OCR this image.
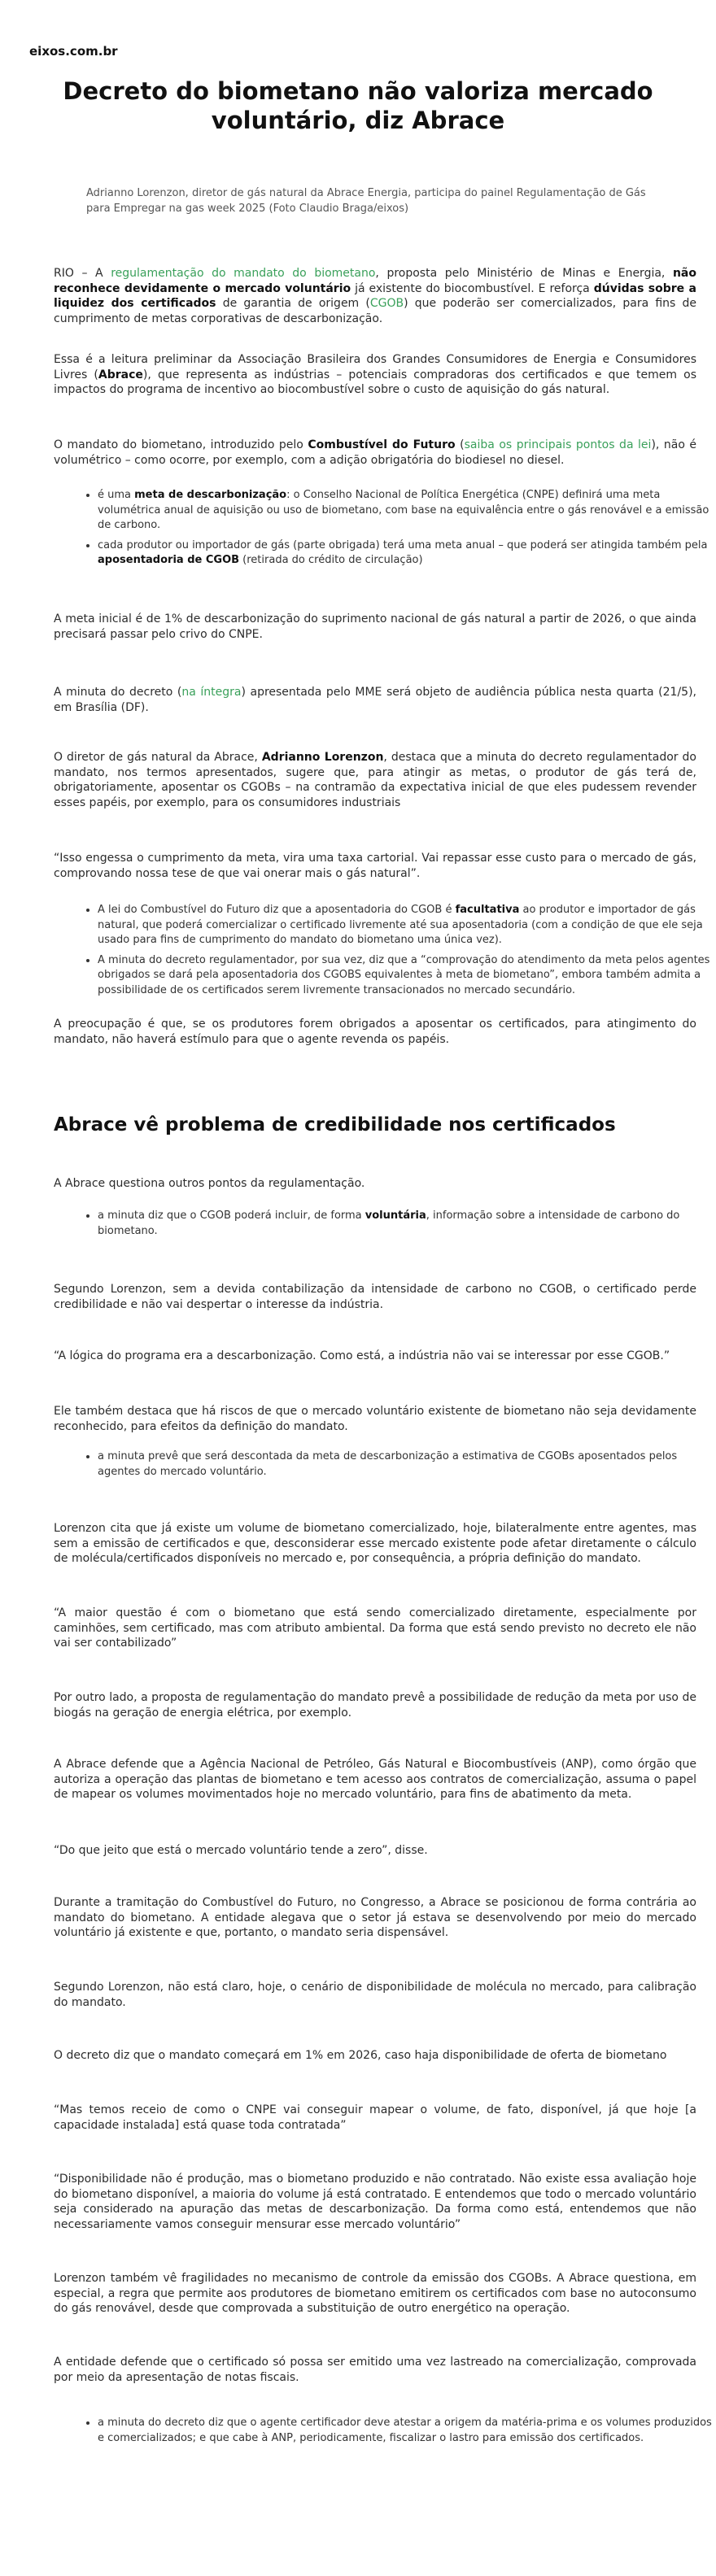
eixos.com.br
Decreto do biometano não valoriza mercado voluntário, diz Abrace
Adrianno Lorenzon, diretor de gás natural da Abrace Energia, participa do painel Regulamentação de Gás para Empregar na gas week 2025 (Foto Claudio Braga/eixos)

RIO – A regulamentação do mandato do biometano, proposta pelo Ministério de Minas e Energia, não reconhece devidamente o mercado voluntário já existente do biocombustível. E reforça dúvidas sobre a liquidez dos certificados de garantia de origem (CGOB) que poderão ser comercializados, para fins de cumprimento de metas corporativas de descarbonização.

Essa é a leitura preliminar da Associação Brasileira dos Grandes Consumidores de Energia e Consumidores Livres (Abrace), que representa as indústrias – potenciais compradoras dos certificados e que temem os impactos do programa de incentivo ao biocombustível sobre o custo de aquisição do gás natural.

O mandato do biometano, introduzido pelo Combustível do Futuro (saiba os principais pontos da lei), não é volumétrico – como ocorre, por exemplo, com a adição obrigatória do biodiesel no diesel.

• é uma meta de descarbonização: o Conselho Nacional de Política Energética (CNPE) definirá uma meta volumétrica anual de aquisição ou uso de biometano, com base na equivalência entre o gás renovável e a emissão de carbono.
• cada produtor ou importador de gás (parte obrigada) terá uma meta anual – que poderá ser atingida também pela aposentadoria de CGOB (retirada do crédito de circulação)

A meta inicial é de 1% de descarbonização do suprimento nacional de gás natural a partir de 2026, o que ainda precisará passar pelo crivo do CNPE.

A minuta do decreto (na íntegra) apresentada pelo MME será objeto de audiência pública nesta quarta (21/5), em Brasília (DF).

O diretor de gás natural da Abrace, Adrianno Lorenzon, destaca que a minuta do decreto regulamentador do mandato, nos termos apresentados, sugere que, para atingir as metas, o produtor de gás terá de, obrigatoriamente, aposentar os CGOBs – na contramão da expectativa inicial de que eles pudessem revender esses papéis, por exemplo, para os consumidores industriais

“Isso engessa o cumprimento da meta, vira uma taxa cartorial. Vai repassar esse custo para o mercado de gás, comprovando nossa tese de que vai onerar mais o gás natural”.

• A lei do Combustível do Futuro diz que a aposentadoria do CGOB é facultativa ao produtor e importador de gás natural, que poderá comercializar o certificado livremente até sua aposentadoria (com a condição de que ele seja usado para fins de cumprimento do mandato do biometano uma única vez).
• A minuta do decreto regulamentador, por sua vez, diz que a “comprovação do atendimento da meta pelos agentes obrigados se dará pela aposentadoria dos CGOBS equivalentes à meta de biometano”, embora também admita a possibilidade de os certificados serem livremente transacionados no mercado secundário.

A preocupação é que, se os produtores forem obrigados a aposentar os certificados, para atingimento do mandato, não haverá estímulo para que o agente revenda os papéis.

Abrace vê problema de credibilidade nos certificados

A Abrace questiona outros pontos da regulamentação.

• a minuta diz que o CGOB poderá incluir, de forma voluntária, informação sobre a intensidade de carbono do biometano.

Segundo Lorenzon, sem a devida contabilização da intensidade de carbono no CGOB, o certificado perde credibilidade e não vai despertar o interesse da indústria.

“A lógica do programa era a descarbonização. Como está, a indústria não vai se interessar por esse CGOB.”

Ele também destaca que há riscos de que o mercado voluntário existente de biometano não seja devidamente reconhecido, para efeitos da definição do mandato.

• a minuta prevê que será descontada da meta de descarbonização a estimativa de CGOBs aposentados pelos agentes do mercado voluntário.

Lorenzon cita que já existe um volume de biometano comercializado, hoje, bilateralmente entre agentes, mas sem a emissão de certificados e que, desconsiderar esse mercado existente pode afetar diretamente o cálculo de molécula/certificados disponíveis no mercado e, por consequência, a própria definição do mandato.

“A maior questão é com o biometano que está sendo comercializado diretamente, especialmente por caminhões, sem certificado, mas com atributo ambiental. Da forma que está sendo previsto no decreto ele não vai ser contabilizado”

Por outro lado, a proposta de regulamentação do mandato prevê a possibilidade de redução da meta por uso de biogás na geração de energia elétrica, por exemplo.

A Abrace defende que a Agência Nacional de Petróleo, Gás Natural e Biocombustíveis (ANP), como órgão que autoriza a operação das plantas de biometano e tem acesso aos contratos de comercialização, assuma o papel de mapear os volumes movimentados hoje no mercado voluntário, para fins de abatimento da meta.

“Do que jeito que está o mercado voluntário tende a zero”, disse.

Durante a tramitação do Combustível do Futuro, no Congresso, a Abrace se posicionou de forma contrária ao mandato do biometano. A entidade alegava que o setor já estava se desenvolvendo por meio do mercado voluntário já existente e que, portanto, o mandato seria dispensável.

Segundo Lorenzon, não está claro, hoje, o cenário de disponibilidade de molécula no mercado, para calibração do mandato.

O decreto diz que o mandato começará em 1% em 2026, caso haja disponibilidade de oferta de biometano

“Mas temos receio de como o CNPE vai conseguir mapear o volume, de fato, disponível, já que hoje [a capacidade instalada] está quase toda contratada”

“Disponibilidade não é produção, mas o biometano produzido e não contratado. Não existe essa avaliação hoje do biometano disponível, a maioria do volume já está contratado. E entendemos que todo o mercado voluntário seja considerado na apuração das metas de descarbonização. Da forma como está, entendemos que não necessariamente vamos conseguir mensurar esse mercado voluntário”

Lorenzon também vê fragilidades no mecanismo de controle da emissão dos CGOBs. A Abrace questiona, em especial, a regra que permite aos produtores de biometano emitirem os certificados com base no autoconsumo do gás renovável, desde que comprovada a substituição de outro energético na operação.

A entidade defende que o certificado só possa ser emitido uma vez lastreado na comercialização, comprovada por meio da apresentação de notas fiscais.

• a minuta do decreto diz que o agente certificador deve atestar a origem da matéria-prima e os volumes produzidos e comercializados; e que cabe à ANP, periodicamente, fiscalizar o lastro para emissão dos certificados.
